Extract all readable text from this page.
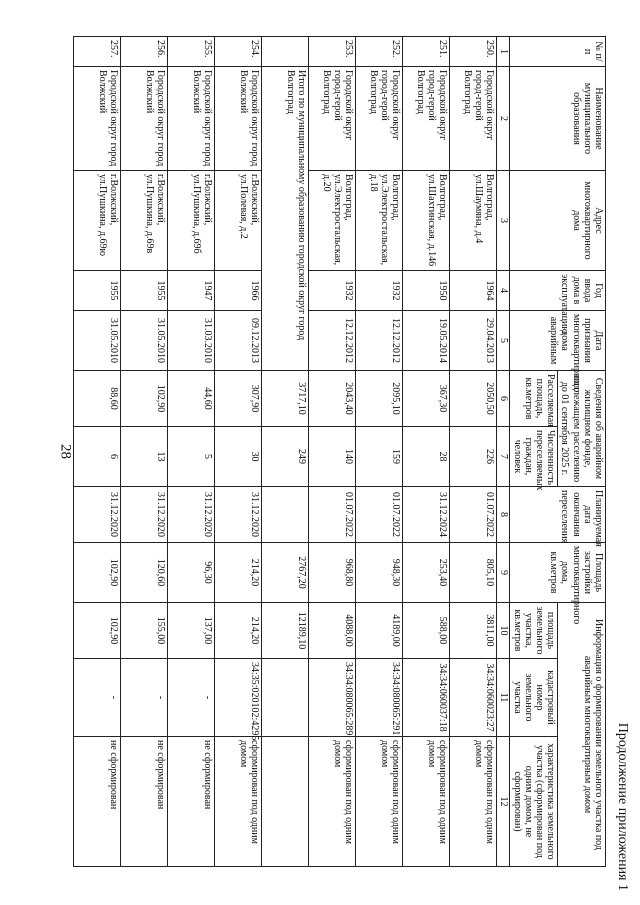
28
Продолжение приложения 1
№ п/п	Наименование муниципального образования	Адрес многоквартирного дома	Год ввода дома в эксплуатацию	Дата признания многоквартирного дома аварийным	Сведения об аварийном жилищном фонде, подлежащем расселению до 01 сентября 2025 г.		Планируемая дата окончания переселения	Площадь застройки многоквартирного дома, кв.метров	Информация о формировании земельного участка под аварийным многоквартирным домом		
					Расселяемая площадь, кв.метров	Численность переселяемых граждан, человек			площадь земельного участка, кв.метров	кадастровый номер земельного участка	характеристика земельного участка (сформирован под одним домом, не сформирован)
1	2	3	4	5	6	7	8	9	10	11	12
250.	Городской округ город-герой Волгоград	Волгоград, ул.Шаумяна, д.4	1964	29.04.2013	2050,50	226	01.07.2022	805,10	3811,00	34:34:060023:27	сформирован под одним домом
251.	Городской округ город-герой Волгоград	Волгоград, ул.Шахтинская, д.146	1950	19.05.2014	367,30	28	31.12.2024	253,40	588,00	34:34:060037:18	сформирован под одним домом
252.	Городской округ город-герой Волгоград	Волгоград, ул.Электростальская, д.18	1932	12.12.2012	2095,10	159	01.07.2022	948,30	4189,00	34:34:080065:291	сформирован под одним домом
253.	Городской округ город-герой Волгоград	Волгоград, ул.Электростальская, д.20	1932	12.12.2012	2043,40	140	01.07.2022	968,80	4088,00	34:34:080065:289	сформирован под одним домом
	Итого по муниципальному образованию городской округ город Волгоград				3717,10	249		2767,20	12189,10		
254.	Городской округ город Волжский	г.Волжский, ул.Полевая, д.2	1966	09.12.2013	307,90	30	31.12.2020	214,20	214,20	34:35:020102:4295	сформирован под одним домом
255.	Городской округ город Волжский	г.Волжский, ул.Пушкина, д.69б	1947	31.03.2010	44,60	5	31.12.2020	96,30	137,00	-	не сформирован
256.	Городской округ город Волжский	г.Волжский, ул.Пушкина, д.69в	1955	31.05.2010	102,90	13	31.12.2020	120,60	155,00	-	не сформирован
257.	Городской округ город Волжский	г.Волжский, ул.Пушкина, д.69ю	1955	31.05.2010	88,60	6	31.12.2020	102,90	102,90	-	не сформирован
